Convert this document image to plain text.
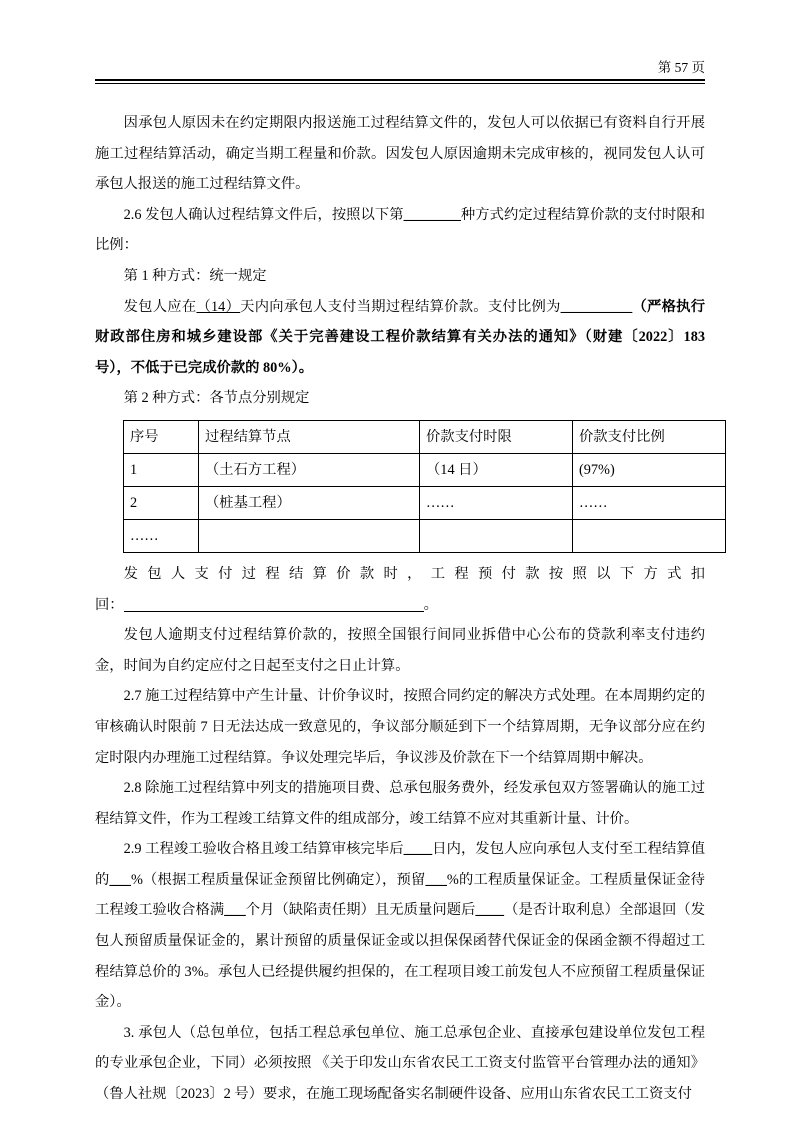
第 57 页

因承包人原因未在约定期限内报送施工过程结算文件的，发包人可以依据已有资料自行开展施工过程结算活动，确定当期工程量和价款。因发包人原因逾期未完成审核的，视同发包人认可承包人报送的施工过程结算文件。

2.6 发包人确认过程结算文件后，按照以下第________种方式约定过程结算价款的支付时限和比例：

第 1 种方式：统一规定

发包人应在（14）天内向承包人支付当期过程结算价款。支付比例为__________（严格执行财政部住房和城乡建设部《关于完善建设工程价款结算有关办法的通知》（财建〔2022〕183 号），不低于已完成价款的 80%）。

第 2 种方式：各节点分别规定

序号	过程结算节点	价款支付时限	价款支付比例
1	（土石方工程）	（14 日）	(97%)
2	（桩基工程）	……	……
……			

发 包 人 支 付 过 程 结 算 价 款 时 ， 工 程 预 付 款 按 照 以 下 方 式 扣

回：	。

发包人逾期支付过程结算价款的，按照全国银行间同业拆借中心公布的贷款利率支付违约金，时间为自约定应付之日起至支付之日止计算。

2.7 施工过程结算中产生计量、计价争议时，按照合同约定的解决方式处理。在本周期约定的审核确认时限前 7 日无法达成一致意见的，争议部分顺延到下一个结算周期，无争议部分应在约定时限内办理施工过程结算。争议处理完毕后，争议涉及价款在下一个结算周期中解决。

2.8 除施工过程结算中列支的措施项目费、总承包服务费外，经发承包双方签署确认的施工过程结算文件，作为工程竣工结算文件的组成部分，竣工结算不应对其重新计量、计价。

2.9 工程竣工验收合格且竣工结算审核完毕后____日内，发包人应向承包人支付至工程结算值的___%（根据工程质量保证金预留比例确定），预留___%的工程质量保证金。工程质量保证金待工程竣工验收合格满___个月（缺陷责任期）且无质量问题后____（是否计取利息）全部退回（发包人预留质量保证金的，累计预留的质量保证金或以担保保函替代保证金的保函金额不得超过工程结算总价的 3%。承包人已经提供履约担保的，在工程项目竣工前发包人不应预留工程质量保证金）。

3. 承包人（总包单位，包括工程总承包单位、施工总承包企业、直接承包建设单位发包工程的专业承包企业，下同）必须按照 《关于印发山东省农民工工资支付监管平台管理办法的通知》（鲁人社规〔2023〕2 号）要求，在施工现场配备实名制硬件设备、应用山东省农民工工资支付
